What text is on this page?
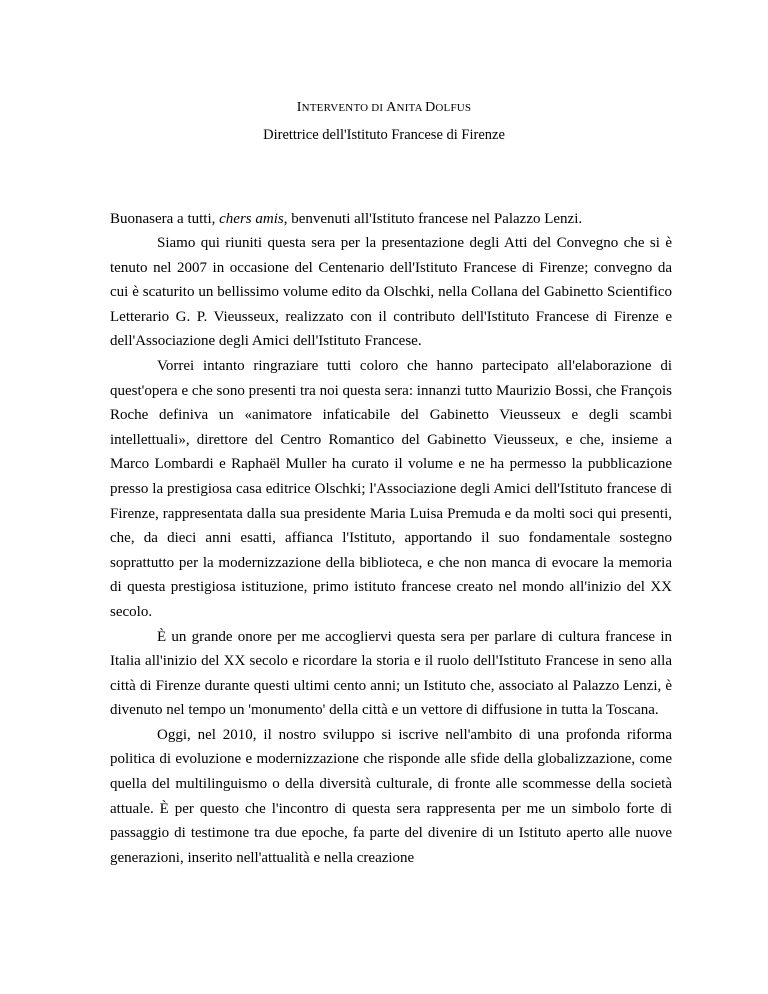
INTERVENTO DI ANITA DOLFUS
Direttrice dell'Istituto Francese di Firenze
Buonasera a tutti, chers amis, benvenuti all'Istituto francese nel Palazzo Lenzi.

Siamo qui riuniti questa sera per la presentazione degli Atti del Convegno che si è tenuto nel 2007 in occasione del Centenario dell'Istituto Francese di Firenze; convegno da cui è scaturito un bellissimo volume edito da Olschki, nella Collana del Gabinetto Scientifico Letterario G. P. Vieusseux, realizzato con il contributo dell'Istituto Francese di Firenze e dell'Associazione degli Amici dell'Istituto Francese.

Vorrei intanto ringraziare tutti coloro che hanno partecipato all'elaborazione di quest'opera e che sono presenti tra noi questa sera: innanzi tutto Maurizio Bossi, che François Roche definiva un «animatore infaticabile del Gabinetto Vieusseux e degli scambi intellettuali», direttore del Centro Romantico del Gabinetto Vieusseux, e che, insieme a Marco Lombardi e Raphaël Muller ha curato il volume e ne ha permesso la pubblicazione presso la prestigiosa casa editrice Olschki; l'Associazione degli Amici dell'Istituto francese di Firenze, rappresentata dalla sua presidente Maria Luisa Premuda e da molti soci qui presenti, che, da dieci anni esatti, affianca l'Istituto, apportando il suo fondamentale sostegno soprattutto per la modernizzazione della biblioteca, e che non manca di evocare la memoria di questa prestigiosa istituzione, primo istituto francese creato nel mondo all'inizio del XX secolo.

È un grande onore per me accogliervi questa sera per parlare di cultura francese in Italia all'inizio del XX secolo e ricordare la storia e il ruolo dell'Istituto Francese in seno alla città di Firenze durante questi ultimi cento anni; un Istituto che, associato al Palazzo Lenzi, è divenuto nel tempo un 'monumento' della città e un vettore di diffusione in tutta la Toscana.

Oggi, nel 2010, il nostro sviluppo si iscrive nell'ambito di una profonda riforma politica di evoluzione e modernizzazione che risponde alle sfide della globalizzazione, come quella del multilinguismo o della diversità culturale, di fronte alle scommesse della società attuale. È per questo che l'incontro di questa sera rappresenta per me un simbolo forte di passaggio di testimone tra due epoche, fa parte del divenire di un Istituto aperto alle nuove generazioni, inserito nell'attualità e nella creazione
